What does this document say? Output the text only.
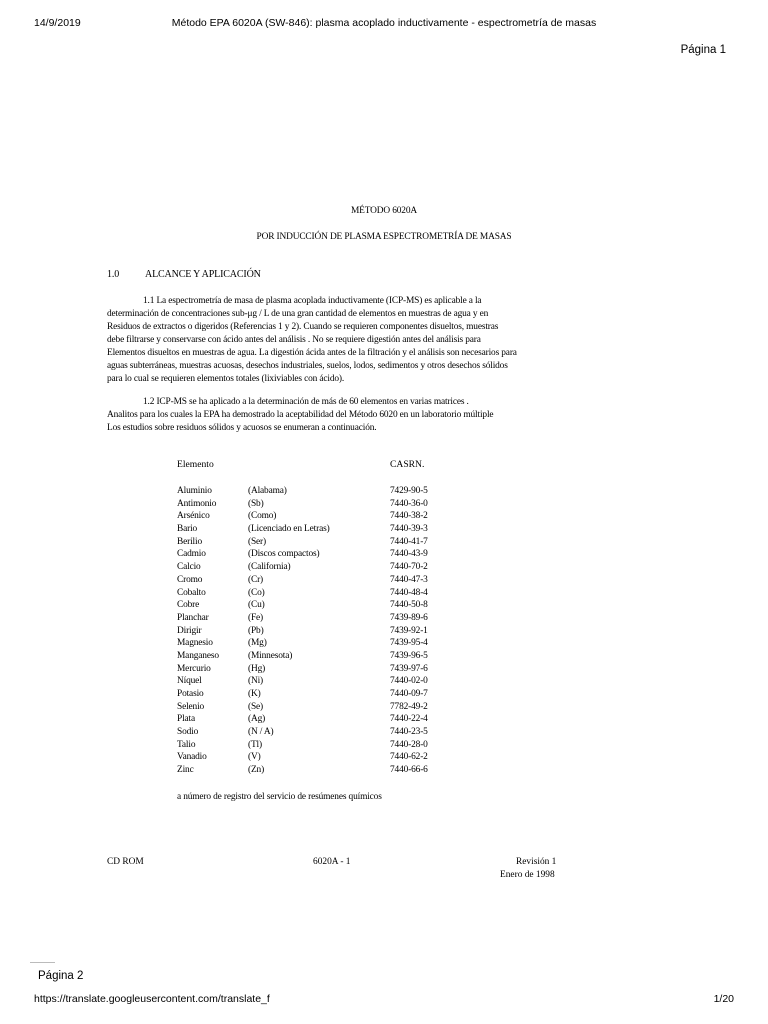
14/9/2019	Método EPA 6020A (SW-846): plasma acoplado inductivamente - espectrometría de masas
Página 1
MÉTODO 6020A
POR INDUCCIÓN DE PLASMA ESPECTROMETRÍA DE MASAS
1.0	ALCANCE Y APLICACIÓN
1.1 La espectrometría de masa de plasma acoplada inductivamente (ICP-MS) es aplicable a la
determinación de concentraciones sub-μg / L de una gran cantidad de elementos en muestras de agua y en
Residuos de extractos o digeridos (Referencias 1 y 2). Cuando se requieren componentes disueltos, muestras
debe filtrarse y conservarse con ácido antes del análisis . No se requiere digestión antes del análisis para
Elementos disueltos en muestras de agua. La digestión ácida antes de la filtración y el análisis son necesarios para
aguas subterráneas, muestras acuosas, desechos industriales, suelos, lodos, sedimentos y otros desechos sólidos
para lo cual se requieren elementos totales (lixiviables con ácido).
1.2 ICP-MS se ha aplicado a la determinación de más de 60 elementos en varias matrices .
Analitos para los cuales la EPA ha demostrado la aceptabilidad del Método 6020 en un laboratorio múltiple
Los estudios sobre residuos sólidos y acuosos se enumeran a continuación.
Elemento	CASRN.
Aluminio	(Alabama)	7429-90-5
Antimonio	(Sb)	7440-36-0
Arsénico	(Como)	7440-38-2
Bario	(Licenciado en Letras)	7440-39-3
Berilio	(Ser)	7440-41-7
Cadmio	(Discos compactos)	7440-43-9
Calcio	(California)	7440-70-2
Cromo	(Cr)	7440-47-3
Cobalto	(Co)	7440-48-4
Cobre	(Cu)	7440-50-8
Planchar	(Fe)	7439-89-6
Dirigir	(Pb)	7439-92-1
Magnesio	(Mg)	7439-95-4
Manganeso	(Minnesota)	7439-96-5
Mercurio	(Hg)	7439-97-6
Níquel	(Ni)	7440-02-0
Potasio	(K)	7440-09-7
Selenio	(Se)	7782-49-2
Plata	(Ag)	7440-22-4
Sodio	(N / A)	7440-23-5
Talio	(Tl)	7440-28-0
Vanadio	(V)	7440-62-2
Zinc	(Zn)	7440-66-6
a número de registro del servicio de resúmenes químicos
CD ROM	6020A - 1	Revisión 1
Enero de 1998
Página 2
https://translate.googleusercontent.com/translate_f	1/20
